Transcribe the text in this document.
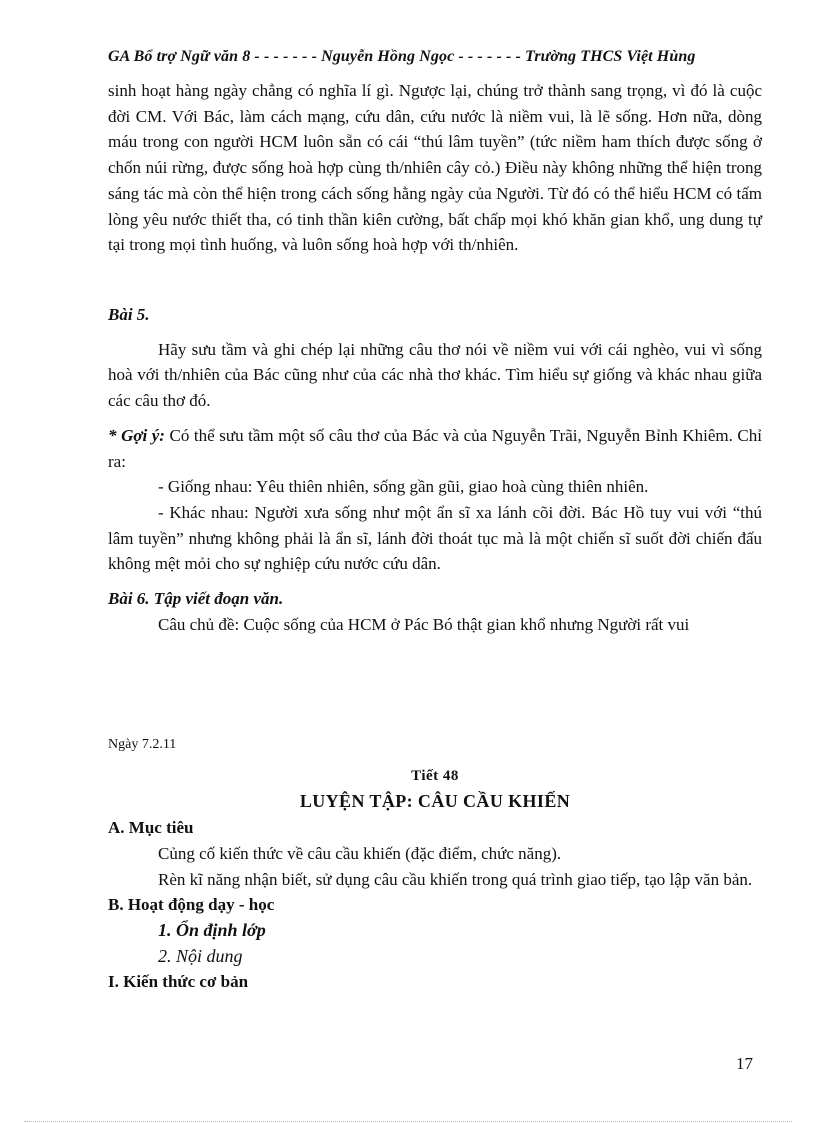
GA Bổ trợ Ngữ văn 8 - - - - - - - Nguyễn Hồng Ngọc - - - - - - - Trường THCS Việt Hùng

sinh hoạt hàng ngày chẳng có nghĩa lí gì. Ngược lại, chúng trở thành sang trọng, vì đó là cuộc đời CM. Với Bác, làm cách mạng, cứu dân, cứu nước là niềm vui, là lẽ sống. Hơn nữa, dòng máu trong con người HCM luôn sẵn có cái “thú lâm tuyền” (tức niềm ham thích được sống ở chốn núi rừng, được sống hoà hợp cùng th/nhiên cây cỏ.) Điều này không những thể hiện trong sáng tác mà còn thể hiện trong cách sống hằng ngày của Người. Từ đó có thể hiểu HCM có tấm lòng yêu nước thiết tha, có tinh thần kiên cường, bất chấp mọi khó khăn gian khổ, ung dung tự tại trong mọi tình huống, và luôn sống hoà hợp với th/nhiên.

Bài 5.

Hãy sưu tầm và ghi chép lại những câu thơ nói về niềm vui với cái nghèo, vui vì sống hoà với th/nhiên của Bác cũng như của các nhà thơ khác. Tìm hiểu sự giống và khác nhau giữa các câu thơ đó.

* Gợi ý: Có thể sưu tầm một số câu thơ của Bác và của Nguyễn Trãi, Nguyễn Bỉnh Khiêm. Chỉ ra:

- Giống nhau: Yêu thiên nhiên, sống gần gũi, giao hoà cùng thiên nhiên.

- Khác nhau: Người xưa sống như một ẩn sĩ xa lánh cõi đời. Bác Hồ tuy vui với “thú lâm tuyền” nhưng không phải là ẩn sĩ, lánh đời thoát tục mà là một chiến sĩ suốt đời chiến đấu không mệt mỏi cho sự nghiệp cứu nước cứu dân.

Bài 6. Tập viết đoạn văn.

Câu chủ đề: Cuộc sống của HCM ở Pác Bó thật gian khổ nhưng Người rất vui

Ngày 7.2.11

Tiết 48

LUYỆN TẬP: CÂU CẦU KHIẾN

A. Mục tiêu

Củng cố kiến thức về câu cầu khiến (đặc điểm, chức năng).

Rèn kĩ năng nhận biết, sử dụng câu cầu khiến trong quá trình giao tiếp, tạo lập văn bản.

B. Hoạt động dạy - học

1. Ổn định lớp

2. Nội dung

I. Kiến thức cơ bản

17
